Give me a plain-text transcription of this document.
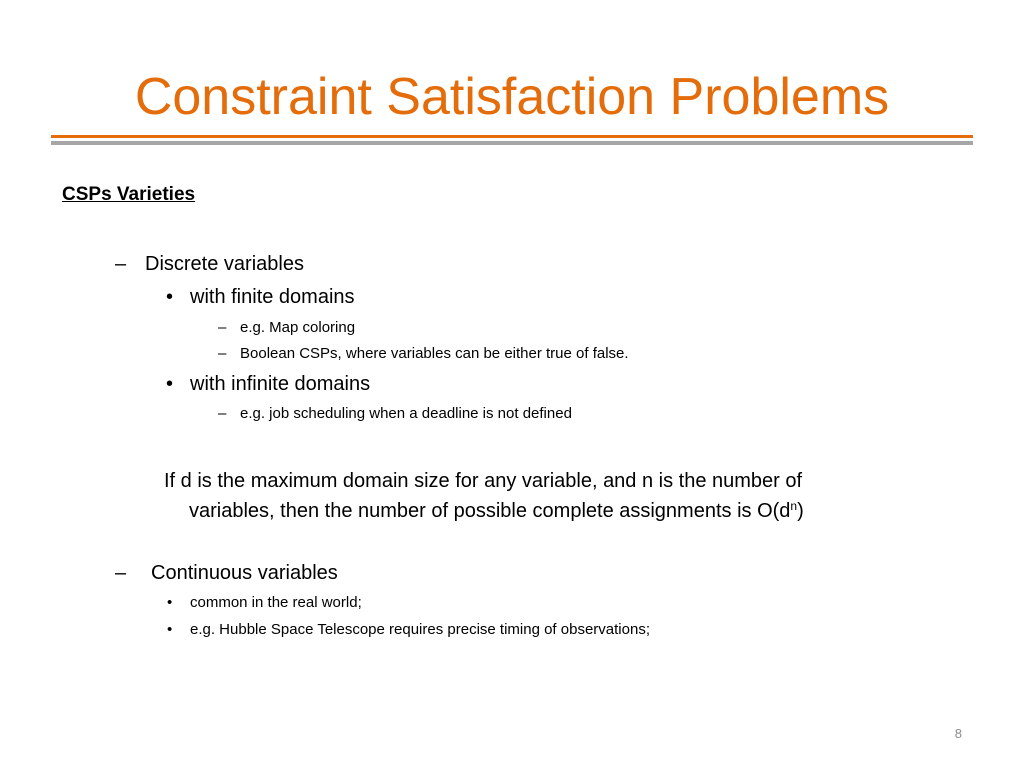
Constraint Satisfaction Problems
CSPs Varieties
– Discrete variables
• with finite domains
– e.g. Map coloring
– Boolean CSPs, where variables can be either true of false.
• with infinite domains
– e.g. job scheduling when a deadline is not defined
If d is the maximum domain size for any variable, and n is the number of
variables, then the number of possible complete assignments is $O(d^n)$
– Continuous variables
• common in the real world;
• e.g. Hubble Space Telescope requires precise timing of observations;
8
